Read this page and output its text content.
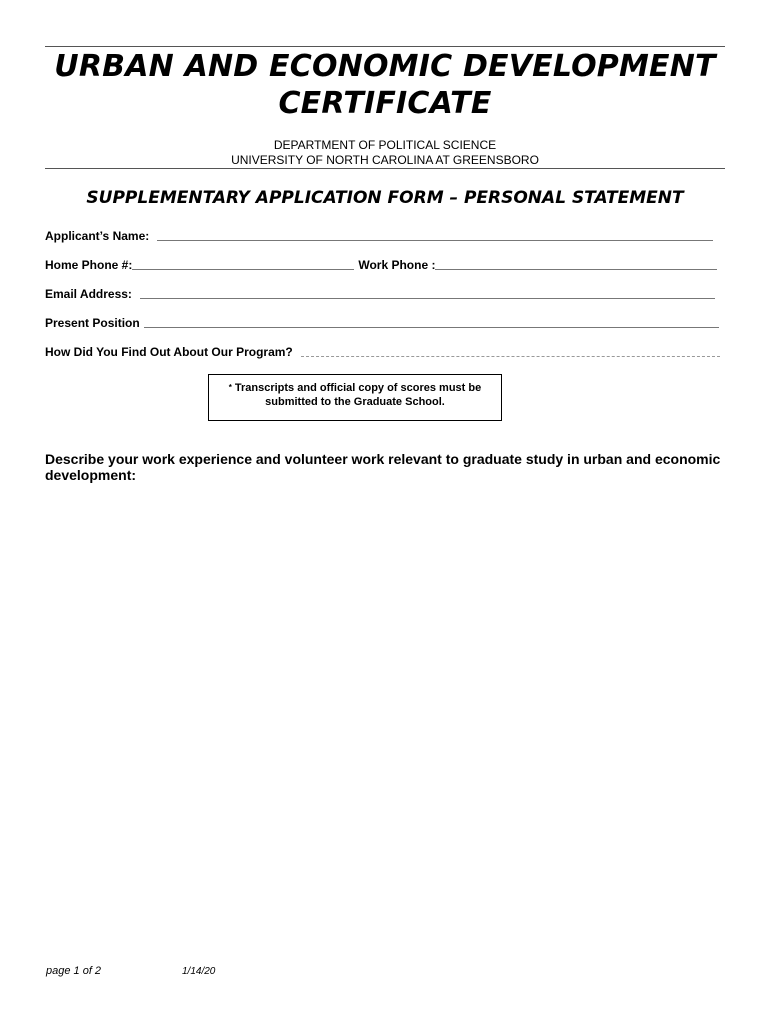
URBAN AND ECONOMIC DEVELOPMENT
CERTIFICATE
DEPARTMENT OF POLITICAL SCIENCE
UNIVERSITY OF NORTH CAROLINA AT GREENSBORO
SUPPLEMENTARY APPLICATION FORM – PERSONAL STATEMENT
Applicant’s Name:
Home Phone #:	Work Phone :
Email Address:
Present Position
How Did You Find Out About Our Program?
* Transcripts and official copy of scores must be
submitted to the Graduate School.
Describe your work experience and volunteer work relevant to graduate study in urban and economic development:
page 1 of 2	1/14/20
